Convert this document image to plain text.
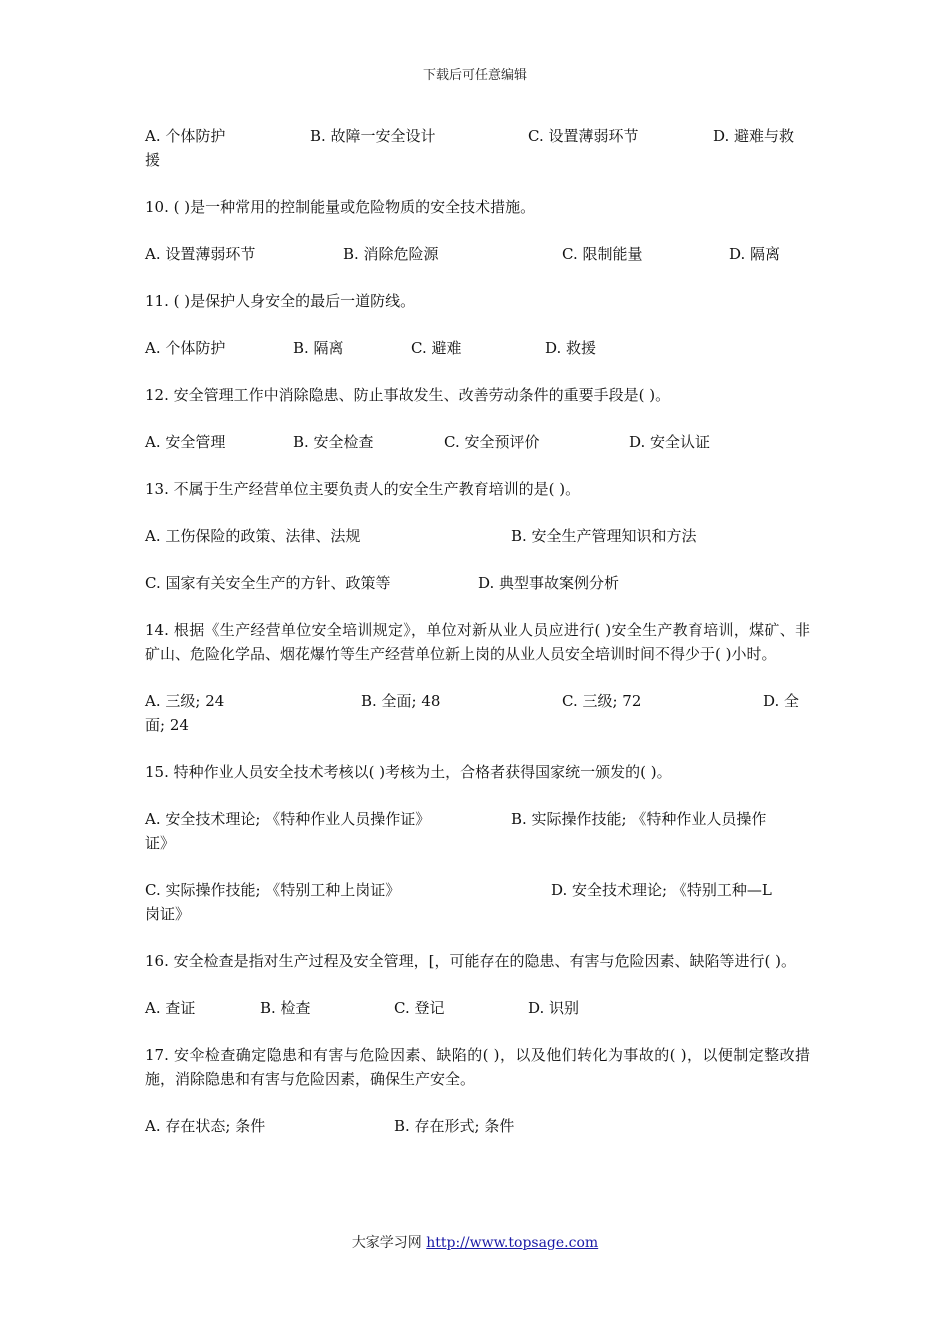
下载后可任意编辑
A. 个体防护	B. 故障一安全设计	C. 设置薄弱环节	D. 避难与救
援

10. ( )是一种常用的控制能量或危险物质的安全技术措施。

A. 设置薄弱环节	B. 消除危险源	C. 限制能量	D. 隔离

11. ( )是保护人身安全的最后一道防线。

A. 个体防护	B. 隔离	C. 避难	D. 救援

12. 安全管理工作中消除隐患、防止事故发生、改善劳动条件的重要手段是( )。

A. 安全管理	B. 安全检查	C. 安全预评价	D. 安全认证

13. 不属于生产经营单位主要负责人的安全生产教育培训的是( )。

A. 工伤保险的政策、法律、法规	B. 安全生产管理知识和方法
C. 国家有关安全生产的方针、政策等	D. 典型事故案例分析

14. 根据《生产经营单位安全培训规定》，单位对新从业人员应进行( )安全生产教育培训，煤矿、非矿山、危险化学品、烟花爆竹等生产经营单位新上岗的从业人员安全培训时间不得少于( )小时。

A. 三级; 24	B. 全面; 48	C. 三级; 72	D. 全
面; 24

15. 特种作业人员安全技术考核以( )考核为土，合格者获得国家统一颁发的( )。

A. 安全技术理论; 《特种作业人员操作证》	B. 实际操作技能; 《特种作业人员操作
证》
C. 实际操作技能; 《特别工种上岗证》	D. 安全技术理论; 《特别工种—L
岗证》

16. 安全检查是指对生产过程及安全管理，[，可能存在的隐患、有害与危险因素、缺陷等进行( )。

A. 查证	B. 检查	C. 登记	D. 识别

17. 安伞检查确定隐患和有害与危险因素、缺陷的( )，以及他们转化为事故的( )，以便制定整改措施，消除隐患和有害与危险因素，确保生产安全。

A. 存在状态; 条件	B. 存在形式; 条件
大家学习网 http://www.topsage.com
